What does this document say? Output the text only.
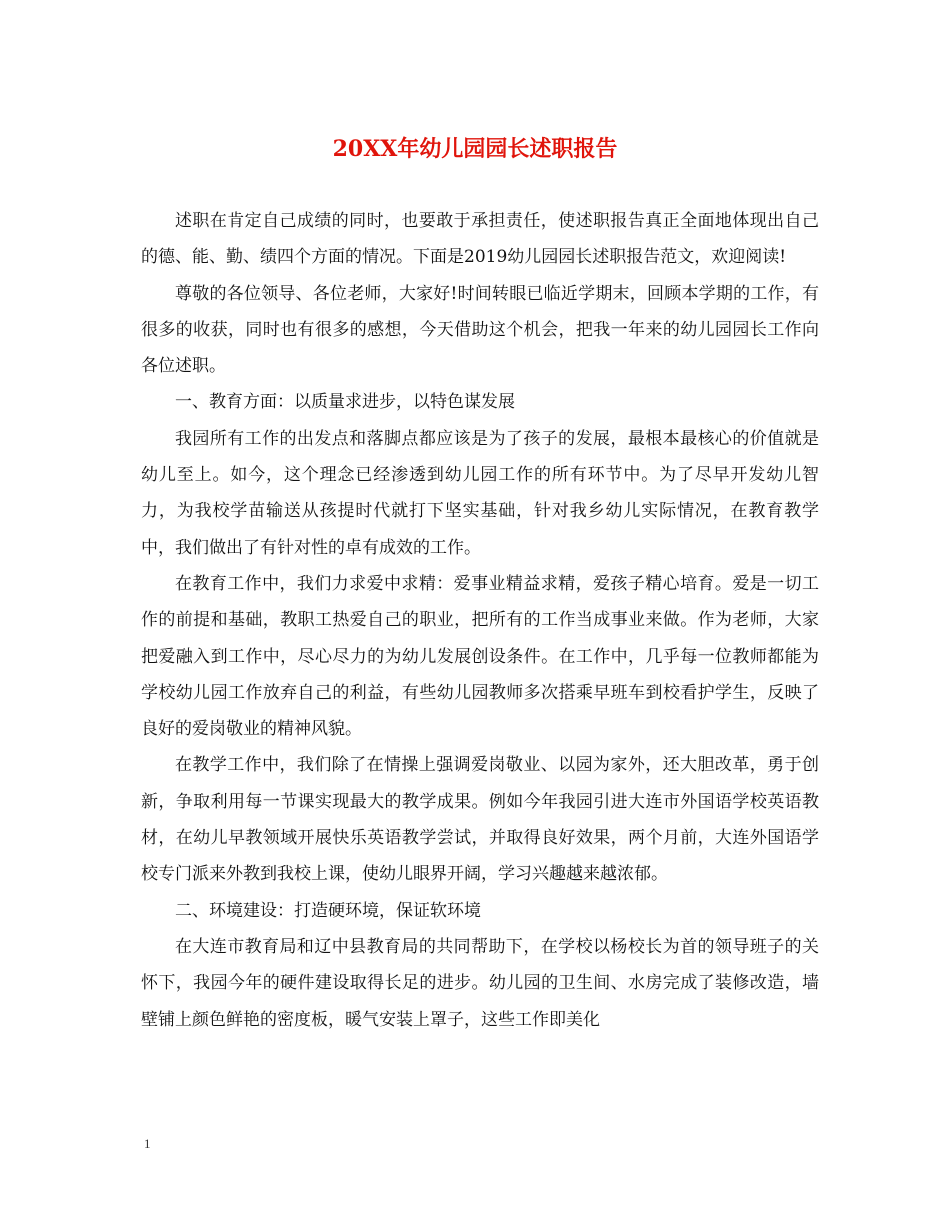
20XX年幼儿园园长述职报告

述职在肯定自己成绩的同时，也要敢于承担责任，使述职报告真正全面地体现出自己的德、能、勤、绩四个方面的情况。下面是2019幼儿园园长述职报告范文，欢迎阅读!

尊敬的各位领导、各位老师，大家好!时间转眼已临近学期末，回顾本学期的工作，有很多的收获，同时也有很多的感想，今天借助这个机会，把我一年来的幼儿园园长工作向各位述职。

一、教育方面：以质量求进步，以特色谋发展

我园所有工作的出发点和落脚点都应该是为了孩子的发展，最根本最核心的价值就是幼儿至上。如今，这个理念已经渗透到幼儿园工作的所有环节中。为了尽早开发幼儿智力，为我校学苗输送从孩提时代就打下坚实基础，针对我乡幼儿实际情况，在教育教学中，我们做出了有针对性的卓有成效的工作。

在教育工作中，我们力求爱中求精：爱事业精益求精，爱孩子精心培育。爱是一切工作的前提和基础，教职工热爱自己的职业，把所有的工作当成事业来做。作为老师，大家把爱融入到工作中，尽心尽力的为幼儿发展创设条件。在工作中，几乎每一位教师都能为学校幼儿园工作放弃自己的利益，有些幼儿园教师多次搭乘早班车到校看护学生，反映了良好的爱岗敬业的精神风貌。

在教学工作中，我们除了在情操上强调爱岗敬业、以园为家外，还大胆改革，勇于创新，争取利用每一节课实现最大的教学成果。例如今年我园引进大连市外国语学校英语教材，在幼儿早教领域开展快乐英语教学尝试，并取得良好效果，两个月前，大连外国语学校专门派来外教到我校上课，使幼儿眼界开阔，学习兴趣越来越浓郁。

二、环境建设：打造硬环境，保证软环境

在大连市教育局和辽中县教育局的共同帮助下，在学校以杨校长为首的领导班子的关怀下，我园今年的硬件建设取得长足的进步。幼儿园的卫生间、水房完成了装修改造，墙壁铺上颜色鲜艳的密度板，暖气安装上罩子，这些工作即美化

1
